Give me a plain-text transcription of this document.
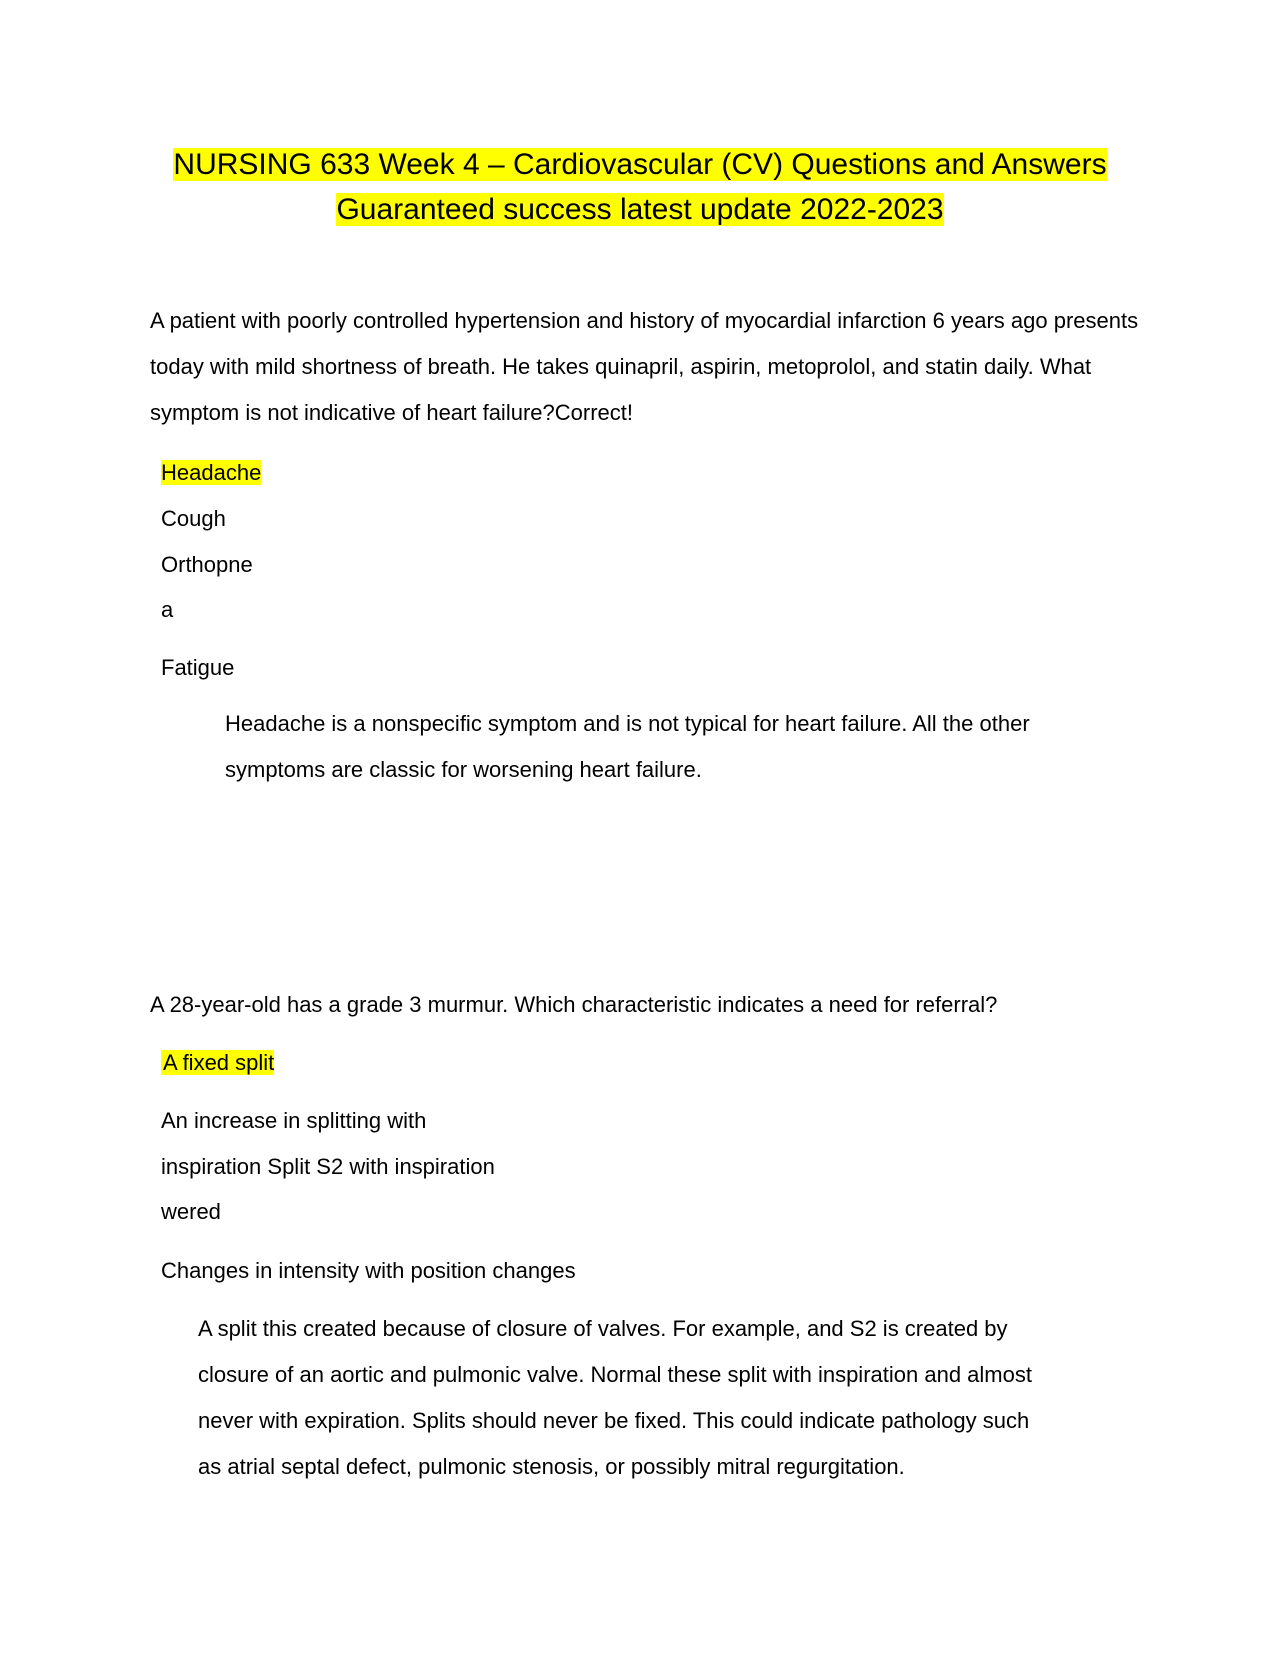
NURSING 633 Week 4 – Cardiovascular (CV) Questions and Answers
Guaranteed success latest update 2022-2023

A patient with poorly controlled hypertension and history of myocardial infarction 6 years ago presents today with mild shortness of breath. He takes quinapril, aspirin, metoprolol, and statin daily. What symptom is not indicative of heart failure?Correct!

Headache
Cough
Orthopne
a
Fatigue

Headache is a nonspecific symptom and is not typical for heart failure. All the other symptoms are classic for worsening heart failure.

A 28-year-old has a grade 3 murmur. Which characteristic indicates a need for referral?
A fixed split
An increase in splitting with
inspiration Split S2 with inspiration
wered
Changes in intensity with position changes

A split this created because of closure of valves. For example, and S2 is created by closure of an aortic and pulmonic valve. Normal these split with inspiration and almost never with expiration. Splits should never be fixed. This could indicate pathology such as atrial septal defect, pulmonic stenosis, or possibly mitral regurgitation.
